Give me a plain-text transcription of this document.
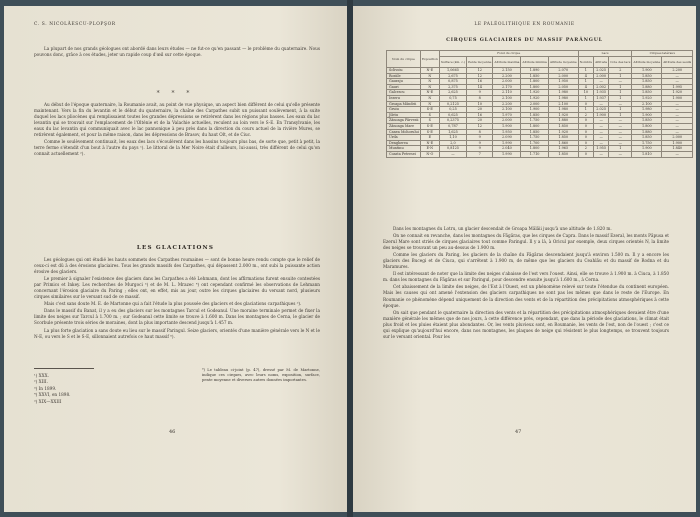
C. S. NICOLĂESCU-PLOPŞOR

La plupart de nos grands géologues ont abordé dans leurs études — ne fut-ce qu'en passant — le problème du quaternaire. Nous pouvons donc, grâce à ces études, jeter un rapide coup d'œil sur cette époque.

* * *

Au début de l'époque quaternaire, la Roumanie avait, au point de vue physique, un aspect bien différent de celui qu'elle présente maintenant. Vers la fin du levantin et le début du quaternaire, la chaîne des Carpathes subit un puissant soulèvement, à la suite duquel les lacs pliocènes qui remplissaient toutes les grandes dépressions se retirèrent dans les régions plus basses. Les eaux du lac levantin qui se trouvait sur l'emplacement de l'Olténie et de la Valachie actuelles, reculent au loin vers le S-E. En Transylvanie, les eaux du lac levantin qui communiquait avec le lac pannonique à peu près dans la direction du cours actuel de la rivière Mures, se retirèrent également, et pour la même raison, dans les dépressions de Brasov, du haut Olt, et de Ciuc.

Comme le soulèvement continuait, les eaux des lacs s'écoulèrent dans les bassins toujours plus bas, de sorte que, petit à petit, la terre ferme s'étendit d'un bout à l'autre du pays ¹). Le littoral de la Mer Noire était d'ailleurs, lui-aussi, très différent de celui qu'on connait actuellement ²).

LES GLACIATIONS

Les géologues qui ont étudié les hauts sommets des Carpathes roumaines — sont de bonne heure rendu compte que le relief de ceux-ci est dû à des érosions glaciaires. Tous les grands massifs des Carpathes, qui dépassent 2.000 m., ont subi la puissante action érosive des glaciers.

Le premier à signaler l'existence des glaciers dans les Carpathes a été Lehmann, dont les affirmations furent ensuite contestées par Primics et Inkey. Les recherches de Murgoci ³) et de M. L. Mrazec ⁴) ont cependant confirmé les observations de Lehmann concernant l'érosion glaciaire du Paring ; elles ont, en effet, mis au jour, outre les cirques glaciaires du versant nord, plusieurs cirques similaires sur le versant sud de ce massif.

Mais c'est sans doute M. E. de Martonne qui a fait l'étude la plus poussée des glaciers et des glaciations carpathiques ⁵).

Dans le massif du Banat, il y a eu des glaciers sur les montagnes Tarcul et Godeanul. Une moraine terminale permet de fixer la limite des neiges sur Tarcul à 1.700 m. ; sur Godeanul cette limite se trouve à 1.600 m. Dans les montagnes de Cerna, le glacier de Scorbule présente trois séries de moraines, dont la plus importante descend jusqu'à 1.457 m.

La plus forte glaciation a sans doute eu lieu sur le massif Paringul. Seize glaciers, orientés d'une manière générale vers le N et le N-E, ou vers le S et le S-E, sillonnaient autrefois ce haut massif ⁶).

¹) XXX.
²) XIII.
³) In 1899.
⁴) XXVI, en 1898.
⁵) XIX—XXIII
⁶) Le tableau ci-joint (p. 47), dressé par M. de Martonne, indique ces cirques, avec leurs noms, exposition, surface, pente moyenne et diverses autres données importantes.
46
LE PALÉOLITHIQUE EN ROUMANIE
CIRQUES GLACIAIRES DU MASSIF PARÂNGUL
Nom du cirque	Exposition	Fond du cirque					Lacs			Cirques latéraux	
		Surface (km. c.)	Pente moyenne	Altitude maxima	Altitude minima	Altitude moyenne	Nombre	Altitude	Cote des lacs	Altitude moyenne	Altitude des seuils
Sclivoiu	N-E	1,0665	12	2.150	1.890	2.070	1	2.025	2	1.900	2.200
Rosiile	N	2,675	12	2.200	1.850	2.000	4	2.000	1	1.850	—
Gauraju	N	0,875	16	2.000	1.800	1.950	1	—	—	1.850	—
Gauri	N	2,375	14	2.170	1.800	2.050	4	2.002	1	1.880	1.995
Galcescu	N-E	2,625	9	2.110	1.920	1.980	10	1.935	1	1.850	1.920
Iezeru	N	0,75	8	2.100	1.920	1.980	1	1.937	1	1.920	1.900
Groapa Mândrii	N	0,2125	10	2.200	2.000	2.100	0	—	—	2.100	—
Gruiu	S-E	0,25	20	2.100	1.900	1.980	1	2.025	1	1.980	—
Jiletu	S	0,625	16	1.970	1.850	1.920	2	1.900	1	1.900	—
Zănoaga Pârvesii	S	0,2375	20	2.000	1.750	1.880	0	—	—	1.850	—
Zănoaga Mare	S-E	0,787	12	1.900	1.800	1.850	0	—	—	1.800	—
Canea Mohorului	S-E	1,625	8	1.950	1.850	1.920	0	—	—	1.880	—
Urda	E	1,10	9	2.090	1.750	1.850	0	—	—	1.850	2.000
Dengherea	N-E	2,0	9	1.990	1.700	1.860	0	—	—	1.750	1.900
Muntinu	E-N	0,8125	9	2.040	1.800	1.965	2	1.955	1	1.900	1.840
Coasta Petresei	N-O	—	7	1.990	1.710	1.850	0	—	—	1.810	—

Dans les montagnes du Lotru, un glacier descendait de Groapa Mălăii jusqu'à une altitude de 1.820 m.

On ne connait en revanche, dans les montagnes du Făgăras, que les cirques de Capra. Dans le massif Ezeral, les monts Păpusa et Ezerul Mare sont striés de cirques glaciaires tout comme Paringul. Il y a là, à Oricul par exemple, deux cirques orientés N, la limite des neiges se trouvant un peu au-dessus de 1.900 m.

Comme les glaciers du Paring, les glaciers de la chaîne du Făgăras descendaient jusqu'à environ 1.500 m. Il y a encore les glaciers des Bucegi et de Ciuca, qui s'arrêtent à 1.900 m, de même que les glaciers du Ceahlău et du massif de Rodna et du Maramures.

Il est intéressant de noter que la limite des neiges s'abaisse de l'est vers l'ouest. Ainsi, elle se trouve à 1.900 m. à Ciuca, à 1.850 m. dans les montagnes du Făgăras et sur Paringul, pour descendre ensuite jusqu'à 1.600 m., à Cerna.

Cet abaissement de la limite des neiges, de l'Est à l'Ouest, est un phénomène relevé sur toute l'étendue du continent européen. Mais les causes qui ont amené l'extension des glaciers carpathiques ne sont pas les mêmes que dans le reste de l'Europe. En Roumanie ce phénomène dépend uniquement de la direction des vents et de la répartition des précipitations atmosphériques à cette époque.

On sait que pendant le quaternaire la direction des vents et la répartition des précipitations atmosphériques devaient être d'une manière générale les mêmes que de nos jours, à cette différence près, cependant, que dans la période des glaciations, le climat était plus froid et les pluies étaient plus abondantes. Or, les vents pluvieux sont, en Roumanie, les vents de l'est, non de l'ouest ; c'est ce qui explique qu'aujourd'hui encore, dans nos montagnes, les plaques de neige qui résistent le plus longtemps, se trouvent toujours sur le versant oriental. Pour les

47
